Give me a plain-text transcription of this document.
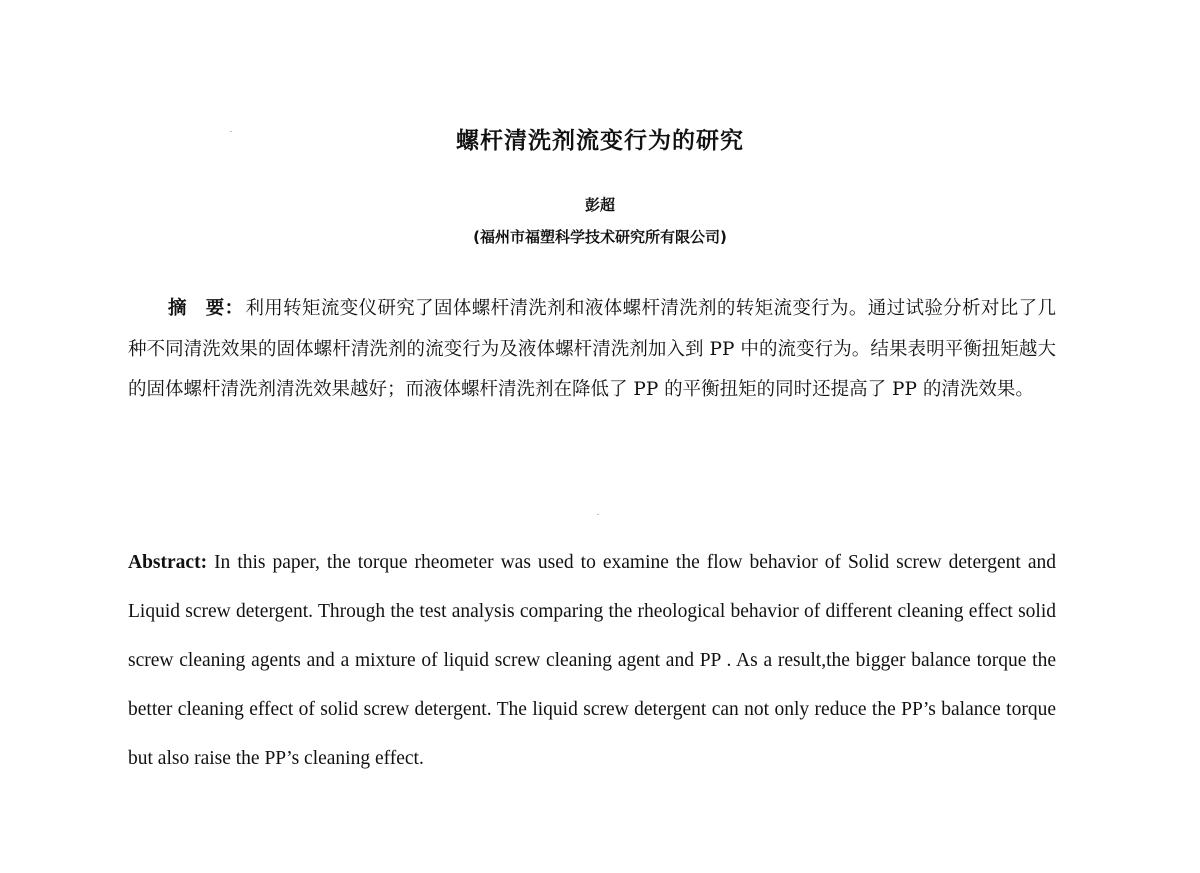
螺杆清洗剂流变行为的研究
彭超
(福州市福塑科学技术研究所有限公司)
摘　要： 利用转矩流变仪研究了固体螺杆清洗剂和液体螺杆清洗剂的转矩流变行为。通过试验分析对比了几种不同清洗效果的固体螺杆清洗剂的流变行为及液体螺杆清洗剂加入到 PP 中的流变行为。结果表明平衡扭矩越大的固体螺杆清洗剂清洗效果越好；而液体螺杆清洗剂在降低了 PP 的平衡扭矩的同时还提高了 PP 的清洗效果。
Abstract: In this paper, the torque rheometer was used to examine the flow behavior of Solid screw detergent and Liquid screw detergent. Through the test analysis comparing the rheological behavior of different cleaning effect solid screw cleaning agents and a mixture of liquid screw cleaning agent and PP . As a result,the bigger balance torque the better cleaning effect of solid screw detergent. The liquid screw detergent can not only reduce the PP’s balance torque but also raise the PP’s cleaning effect.
